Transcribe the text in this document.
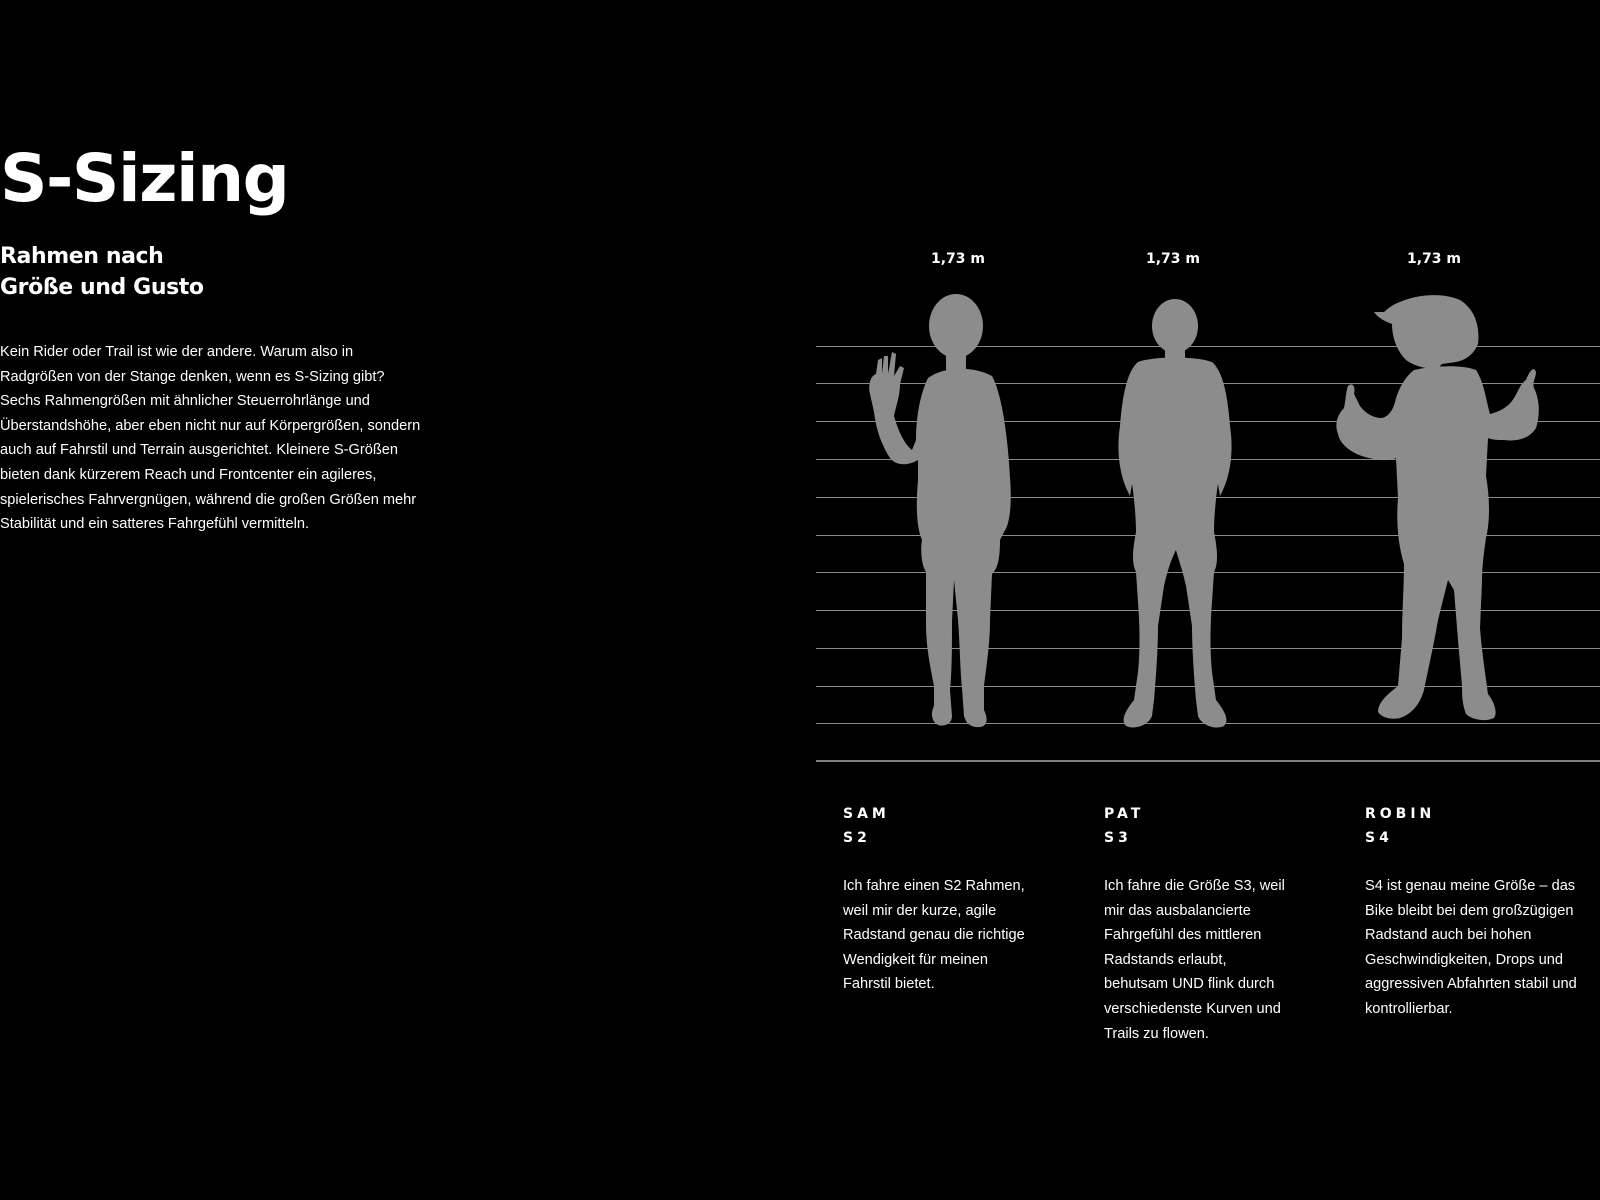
S-Sizing
Rahmen nach
Größe und Gusto

Kein Rider oder Trail ist wie der andere. Warum also in
Radgrößen von der Stange denken, wenn es S-Sizing gibt?
Sechs Rahmengrößen mit ähnlicher Steuerrohrlänge und
Überstandshöhe, aber eben nicht nur auf Körpergrößen, sondern
auch auf Fahrstil und Terrain ausgerichtet. Kleinere S-Größen
bieten dank kürzerem Reach und Frontcenter ein agileres,
spielerisches Fahrvergnügen, während die großen Größen mehr
Stabilität und ein satteres Fahrgefühl vermitteln.

1,73 m	1,73 m	1,73 m
SAM
S2
Ich fahre einen S2 Rahmen,
weil mir der kurze, agile
Radstand genau die richtige
Wendigkeit für meinen
Fahrstil bietet.
PAT
S3
Ich fahre die Größe S3, weil
mir das ausbalancierte
Fahrgefühl des mittleren
Radstands erlaubt,
behutsam UND flink durch
verschiedenste Kurven und
Trails zu flowen.
ROBIN
S4
S4 ist genau meine Größe – das
Bike bleibt bei dem großzügigen
Radstand auch bei hohen
Geschwindigkeiten, Drops und
aggressiven Abfahrten stabil und
kontrollierbar.
